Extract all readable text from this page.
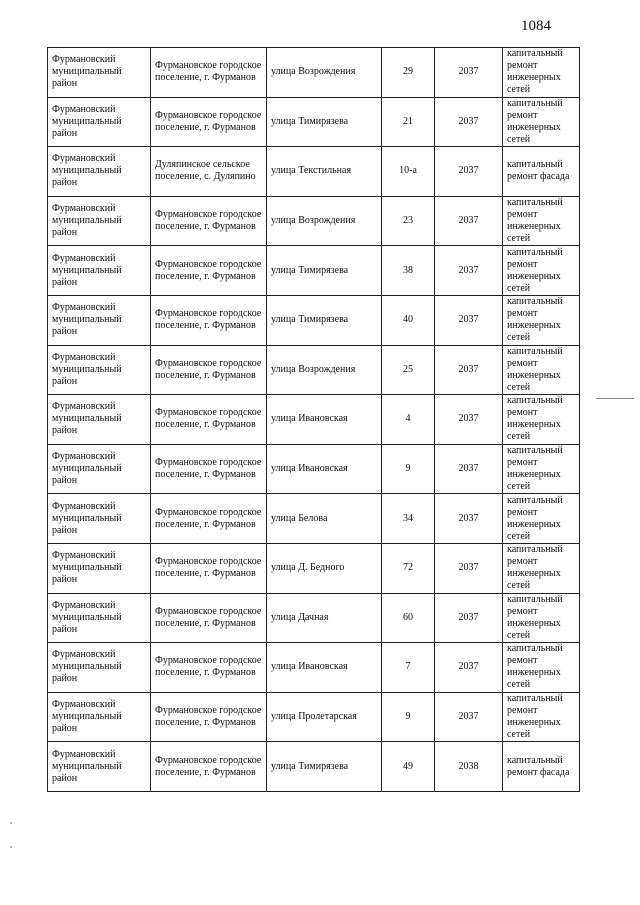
1084
Фурмановский муниципальный район	Фурмановское городское поселение, г. Фурманов	улица Возрождения	29	2037	капитальный ремонт инженерных сетей
Фурмановский муниципальный район	Фурмановское городское поселение, г. Фурманов	улица Тимирязева	21	2037	капитальный ремонт инженерных сетей
Фурмановский муниципальный район	Дуляпинское сельское поселение, с. Дуляпино	улица Текстильная	10-а	2037	капитальный ремонт фасада
Фурмановский муниципальный район	Фурмановское городское поселение, г. Фурманов	улица Возрождения	23	2037	капитальный ремонт инженерных сетей
Фурмановский муниципальный район	Фурмановское городское поселение, г. Фурманов	улица Тимирязева	38	2037	капитальный ремонт инженерных сетей
Фурмановский муниципальный район	Фурмановское городское поселение, г. Фурманов	улица Тимирязева	40	2037	капитальный ремонт инженерных сетей
Фурмановский муниципальный район	Фурмановское городское поселение, г. Фурманов	улица Возрождения	25	2037	капитальный ремонт инженерных сетей
Фурмановский муниципальный район	Фурмановское городское поселение, г. Фурманов	улица Ивановская	4	2037	капитальный ремонт инженерных сетей
Фурмановский муниципальный район	Фурмановское городское поселение, г. Фурманов	улица Ивановская	9	2037	капитальный ремонт инженерных сетей
Фурмановский муниципальный район	Фурмановское городское поселение, г. Фурманов	улица Белова	34	2037	капитальный ремонт инженерных сетей
Фурмановский муниципальный район	Фурмановское городское поселение, г. Фурманов	улица Д. Бедного	72	2037	капитальный ремонт инженерных сетей
Фурмановский муниципальный район	Фурмановское городское поселение, г. Фурманов	улица Дачная	60	2037	капитальный ремонт инженерных сетей
Фурмановский муниципальный район	Фурмановское городское поселение, г. Фурманов	улица Ивановская	7	2037	капитальный ремонт инженерных сетей
Фурмановский муниципальный район	Фурмановское городское поселение, г. Фурманов	улица Пролетарская	9	2037	капитальный ремонт инженерных сетей
Фурмановский муниципальный район	Фурмановское городское поселение, г. Фурманов	улица Тимирязева	49	2038	капитальный ремонт фасада
